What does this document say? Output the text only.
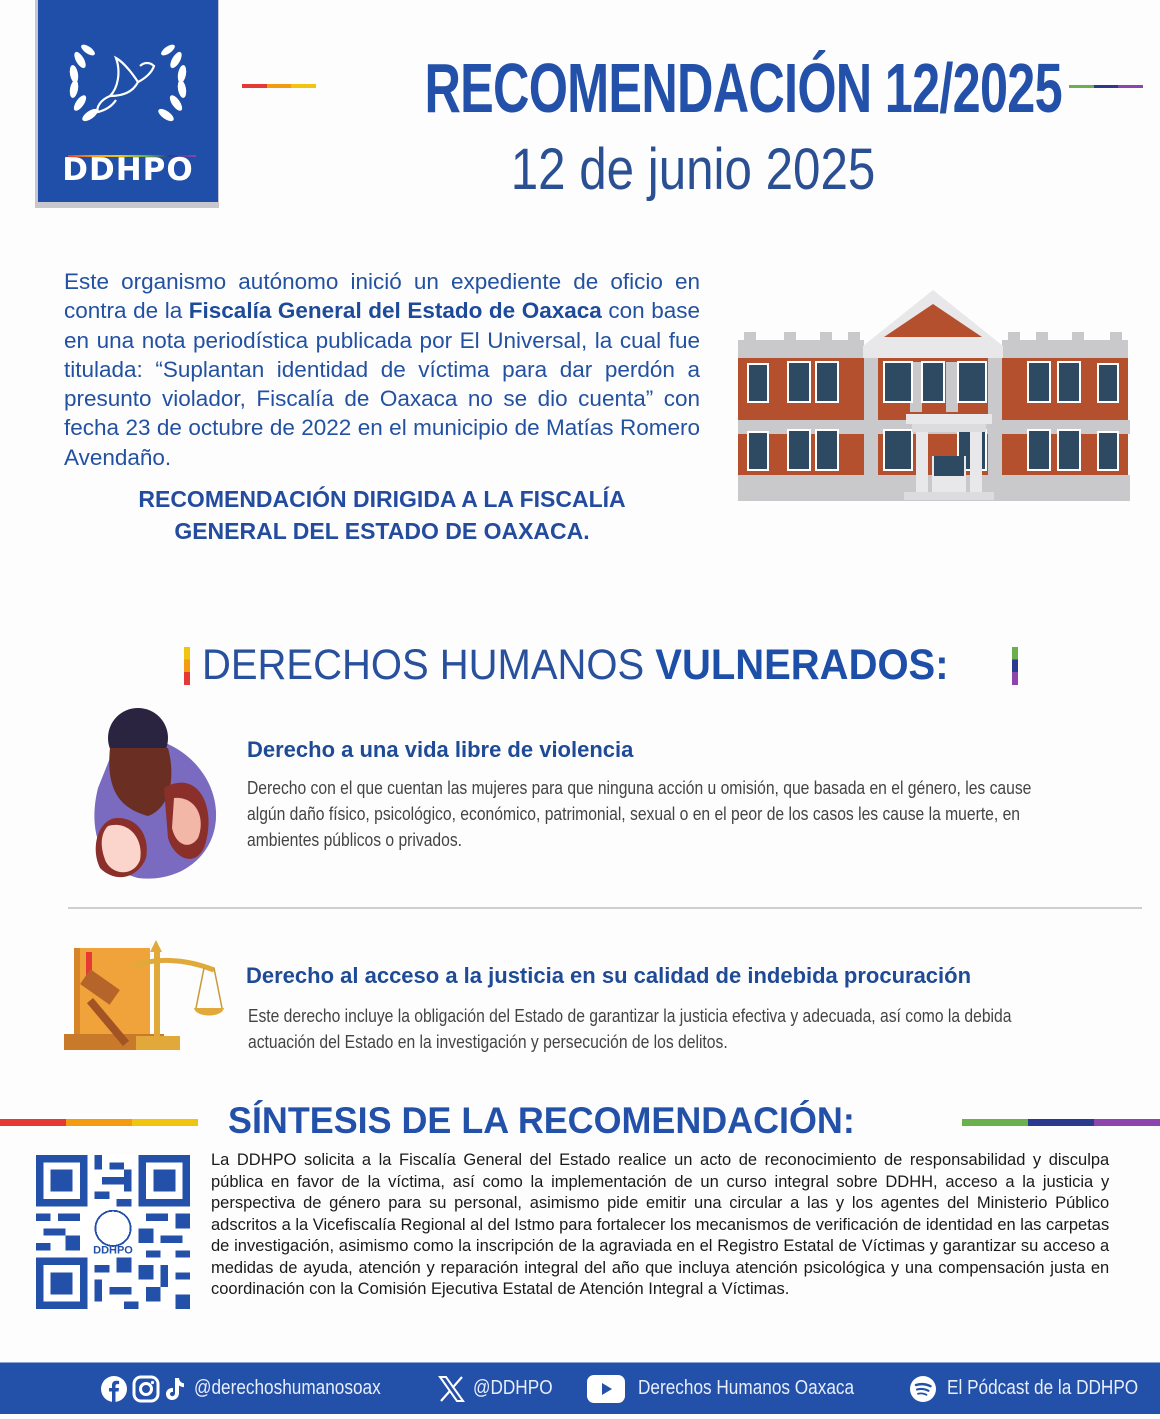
DDHPO
RECOMENDACIÓN 12/2025
12 de junio 2025
Este organismo autónomo inició un expediente de oficio en contra de la Fiscalía General del Estado de Oaxaca con base en una nota periodística publicada por El Universal, la cual fue titulada: “Suplantan identidad de víctima para dar perdón a presunto violador, Fiscalía de Oaxaca no se dio cuenta” con fecha 23 de octubre de 2022 en el municipio de Matías Romero Avendaño.
RECOMENDACIÓN DIRIGIDA A LA FISCALÍA
GENERAL DEL ESTADO DE OAXACA.
DERECHOS HUMANOS VULNERADOS:
Derecho a una vida libre de violencia
Derecho con el que cuentan las mujeres para que ninguna acción u omisión, que basada en el género, les cause algún daño físico, psicológico, económico, patrimonial, sexual o en el peor de los casos les cause la muerte, en ambientes públicos o privados.
Derecho al acceso a la justicia en su calidad de indebida procuración
Este derecho incluye la obligación del Estado de garantizar la justicia efectiva y adecuada, así como la debida actuación del Estado en la investigación y persecución de los delitos.
SÍNTESIS DE LA RECOMENDACIÓN:
DDHPO
La DDHPO solicita a la Fiscalía General del Estado realice un acto de reconocimiento de responsabilidad y disculpa pública en favor de la víctima, así como la implementación de un curso integral sobre DDHH, acceso a la justicia y perspectiva de género para su personal, asimismo pide emitir una circular a las y los agentes del Ministerio Público adscritos a la Vicefiscalía Regional al del Istmo para fortalecer los mecanismos de verificación de identidad en las carpetas de investigación, asimismo como la inscripción de la agraviada en el Registro Estatal de Víctimas y garantizar su acceso a medidas de ayuda, atención y reparación integral del año que incluya atención psicológica y una compensación justa en coordinación con la Comisión Ejecutiva Estatal de Atención Integral a Víctimas.
@derechoshumanosoax	@DDHPO	Derechos Humanos Oaxaca	El Pódcast de la DDHPO
